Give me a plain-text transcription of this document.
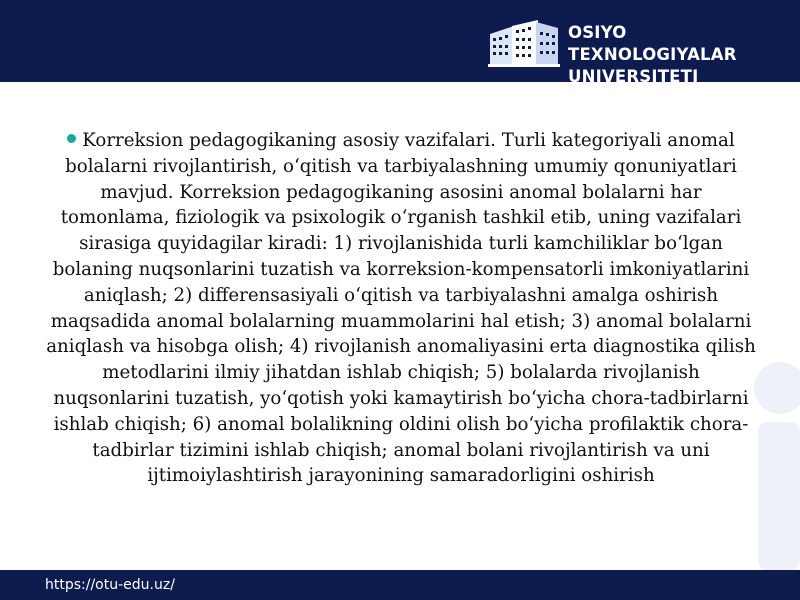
OSIYO TEXNOLOGIYALAR
UNIVERSITETI
Korreksion pedagogikaning asosiy vazifalari. Turli kategoriyali anomal bolalarni rivojlantirish, o‘qitish va tarbiyalashning umumiy qonuniyatlari mavjud. Korreksion pedagogikaning asosini anomal bolalarni har tomonlama, fiziologik va psixologik o‘rganish tashkil etib, uning vazifalari sirasiga quyidagilar kiradi: 1) rivojlanishida turli kamchiliklar bo‘lgan bolaning nuqsonlarini tuzatish va korreksion-kompensatorli imkoniyatlarini aniqlash; 2) differensasiyali o‘qitish va tarbiyalashni amalga oshirish maqsadida anomal bolalarning muammolarini hal etish; 3) anomal bolalarni aniqlash va hisobga olish; 4) rivojlanish anomaliyasini erta diagnostika qilish metodlarini ilmiy jihatdan ishlab chiqish; 5) bolalarda rivojlanish nuqsonlarini tuzatish, yo‘qotish yoki kamaytirish bo‘yicha chora-tadbirlarni ishlab chiqish; 6) anomal bolalikning oldini olish bo‘yicha profilaktik chora-tadbirlar tizimini ishlab chiqish; anomal bolani rivojlantirish va uni ijtimoiylashtirish jarayonining samaradorligini oshirish
https://otu-edu.uz/
